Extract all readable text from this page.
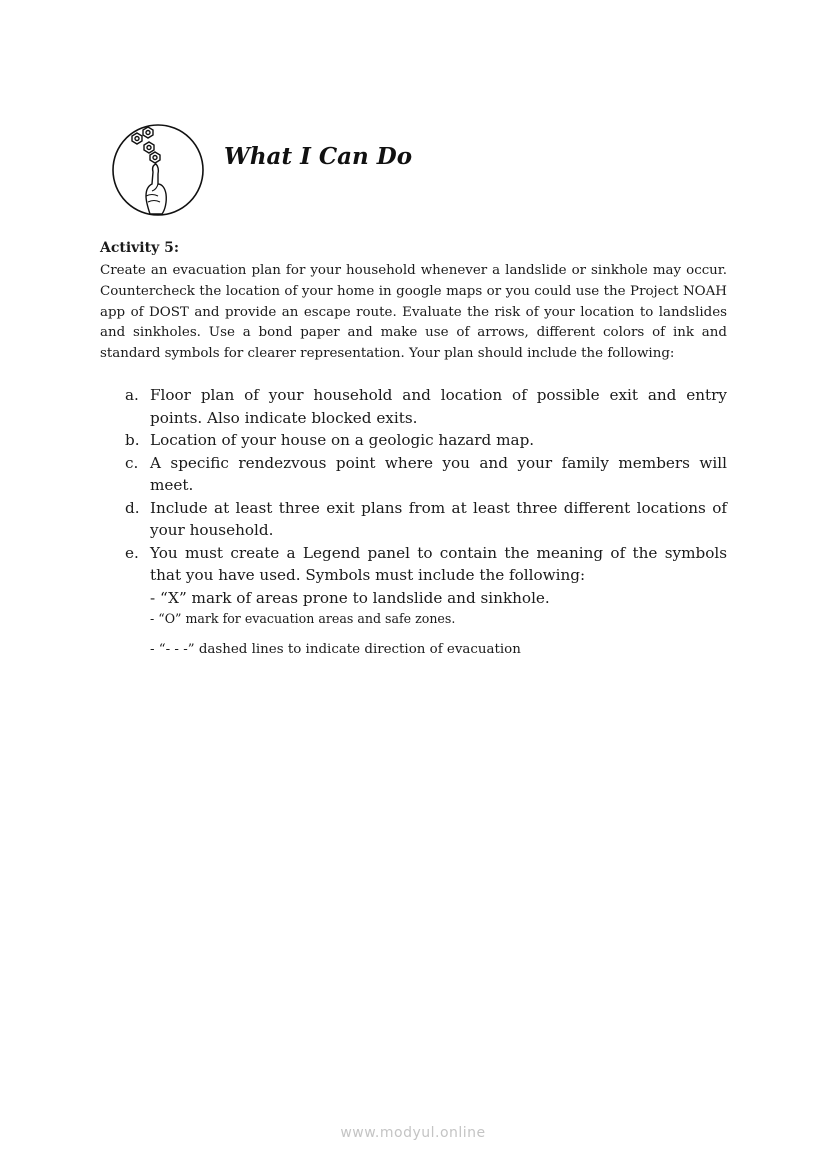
What I Can Do
Activity 5:

Create an evacuation plan for your household whenever a landslide or sinkhole may occur. Countercheck the location of your home in google maps or you could use the Project NOAH app of DOST and provide an escape route. Evaluate the risk of your location to landslides and sinkholes. Use a bond paper and make use of arrows, different colors of ink and standard symbols for clearer representation. Your plan should include the following:

a. Floor plan of your household and location of possible exit and entry points. Also indicate blocked exits.
b. Location of your house on a geologic hazard map.
c. A specific rendezvous point where you and your family members will meet.
d. Include at least three exit plans from at least three different locations of your household.
e. You must create a Legend panel to contain the meaning of the symbols that you have used. Symbols must include the following:
- “X” mark of areas prone to landslide and sinkhole.
- “O” mark for evacuation areas and safe zones.
- “- - -” dashed lines to indicate direction of evacuation
www.modyul.online
